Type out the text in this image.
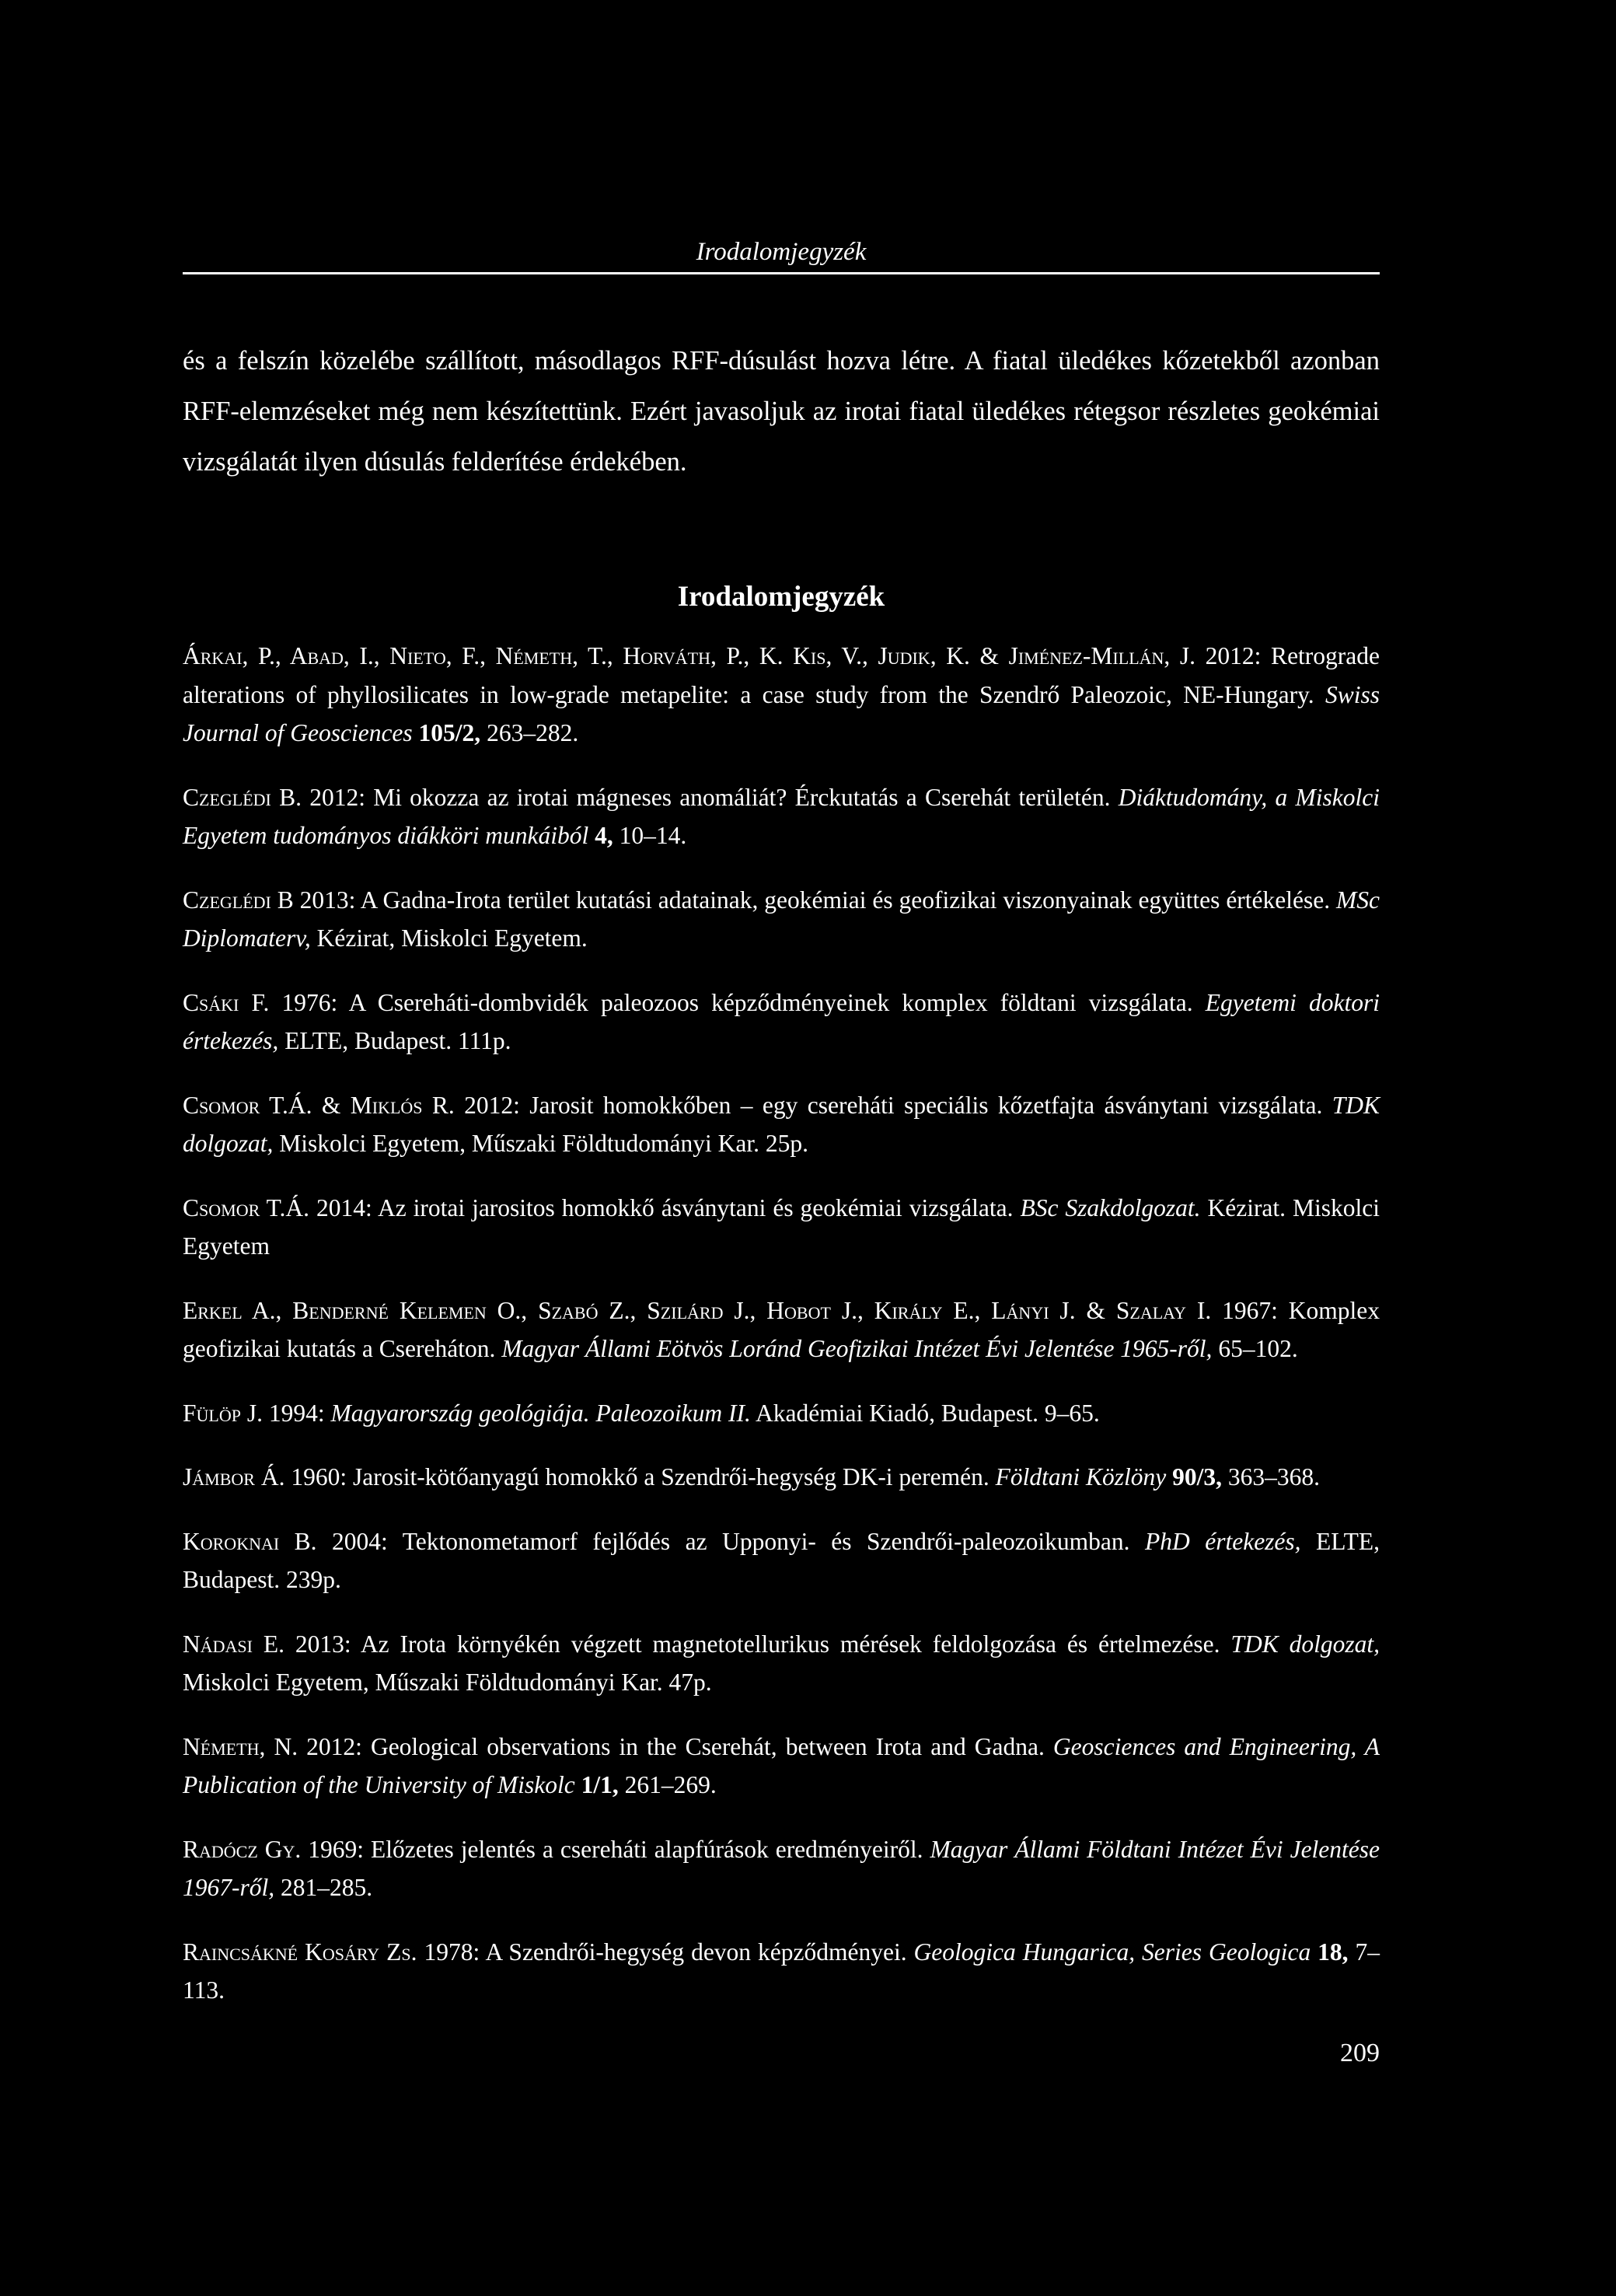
Irodalomjegyzék

és a felszín közelébe szállított, másodlagos RFF-dúsulást hozva létre. A fiatal üledékes kőzetekből azonban RFF-elemzéseket még nem készítettünk. Ezért javasoljuk az irotai fiatal üledékes rétegsor részletes geokémiai vizsgálatát ilyen dúsulás felderítése érdekében.

Irodalomjegyzék
Árkai, P., Abad, I., Nieto, F., Németh, T., Horváth, P., K. Kis, V., Judik, K. & Jiménez-Millán, J. 2012: Retrograde alterations of phyllosilicates in low-grade metapelite: a case study from the Szendrő Paleozoic, NE-Hungary. Swiss Journal of Geosciences 105/2, 263–282.
Czeglédi B. 2012: Mi okozza az irotai mágneses anomáliát? Érckutatás a Cserehát területén. Diáktudomány, a Miskolci Egyetem tudományos diákköri munkáiból 4, 10–14.
Czeglédi B 2013: A Gadna-Irota terület kutatási adatainak, geokémiai és geofizikai viszonyainak együttes értékelése. MSc Diplomaterv, Kézirat, Miskolci Egyetem.
Csáki F. 1976: A Csereháti-dombvidék paleozoos képződményeinek komplex földtani vizsgálata. Egyetemi doktori értekezés, ELTE, Budapest. 111p.
Csomor T.Á. & Miklós R. 2012: Jarosit homokkőben – egy csereháti speciális kőzetfajta ásványtani vizsgálata. TDK dolgozat, Miskolci Egyetem, Műszaki Földtudományi Kar. 25p.
Csomor T.Á. 2014: Az irotai jarositos homokkő ásványtani és geokémiai vizsgálata. BSc Szakdolgozat. Kézirat. Miskolci Egyetem
Erkel A., Benderné Kelemen O., Szabó Z., Szilárd J., Hobot J., Király E., Lányi J. & Szalay I. 1967: Komplex geofizikai kutatás a Csereháton. Magyar Állami Eötvös Loránd Geofizikai Intézet Évi Jelentése 1965-ről, 65–102.
Fülöp J. 1994: Magyarország geológiája. Paleozoikum II. Akadémiai Kiadó, Budapest. 9–65.
Jámbor Á. 1960: Jarosit-kötőanyagú homokkő a Szendrői-hegység DK-i peremén. Földtani Közlöny 90/3, 363–368.
Koroknai B. 2004: Tektonometamorf fejlődés az Upponyi- és Szendrői-paleozoikumban. PhD értekezés, ELTE, Budapest. 239p.
Nádasi E. 2013: Az Irota környékén végzett magnetotellurikus mérések feldolgozása és értelmezése. TDK dolgozat, Miskolci Egyetem, Műszaki Földtudományi Kar. 47p.
Németh, N. 2012: Geological observations in the Cserehát, between Irota and Gadna. Geosciences and Engineering, A Publication of the University of Miskolc 1/1, 261–269.
Radócz Gy. 1969: Előzetes jelentés a csereháti alapfúrások eredményeiről. Magyar Állami Földtani Intézet Évi Jelentése 1967-ről, 281–285.
Raincsákné Kosáry Zs. 1978: A Szendrői-hegység devon képződményei. Geologica Hungarica, Series Geologica 18, 7–113.
209
